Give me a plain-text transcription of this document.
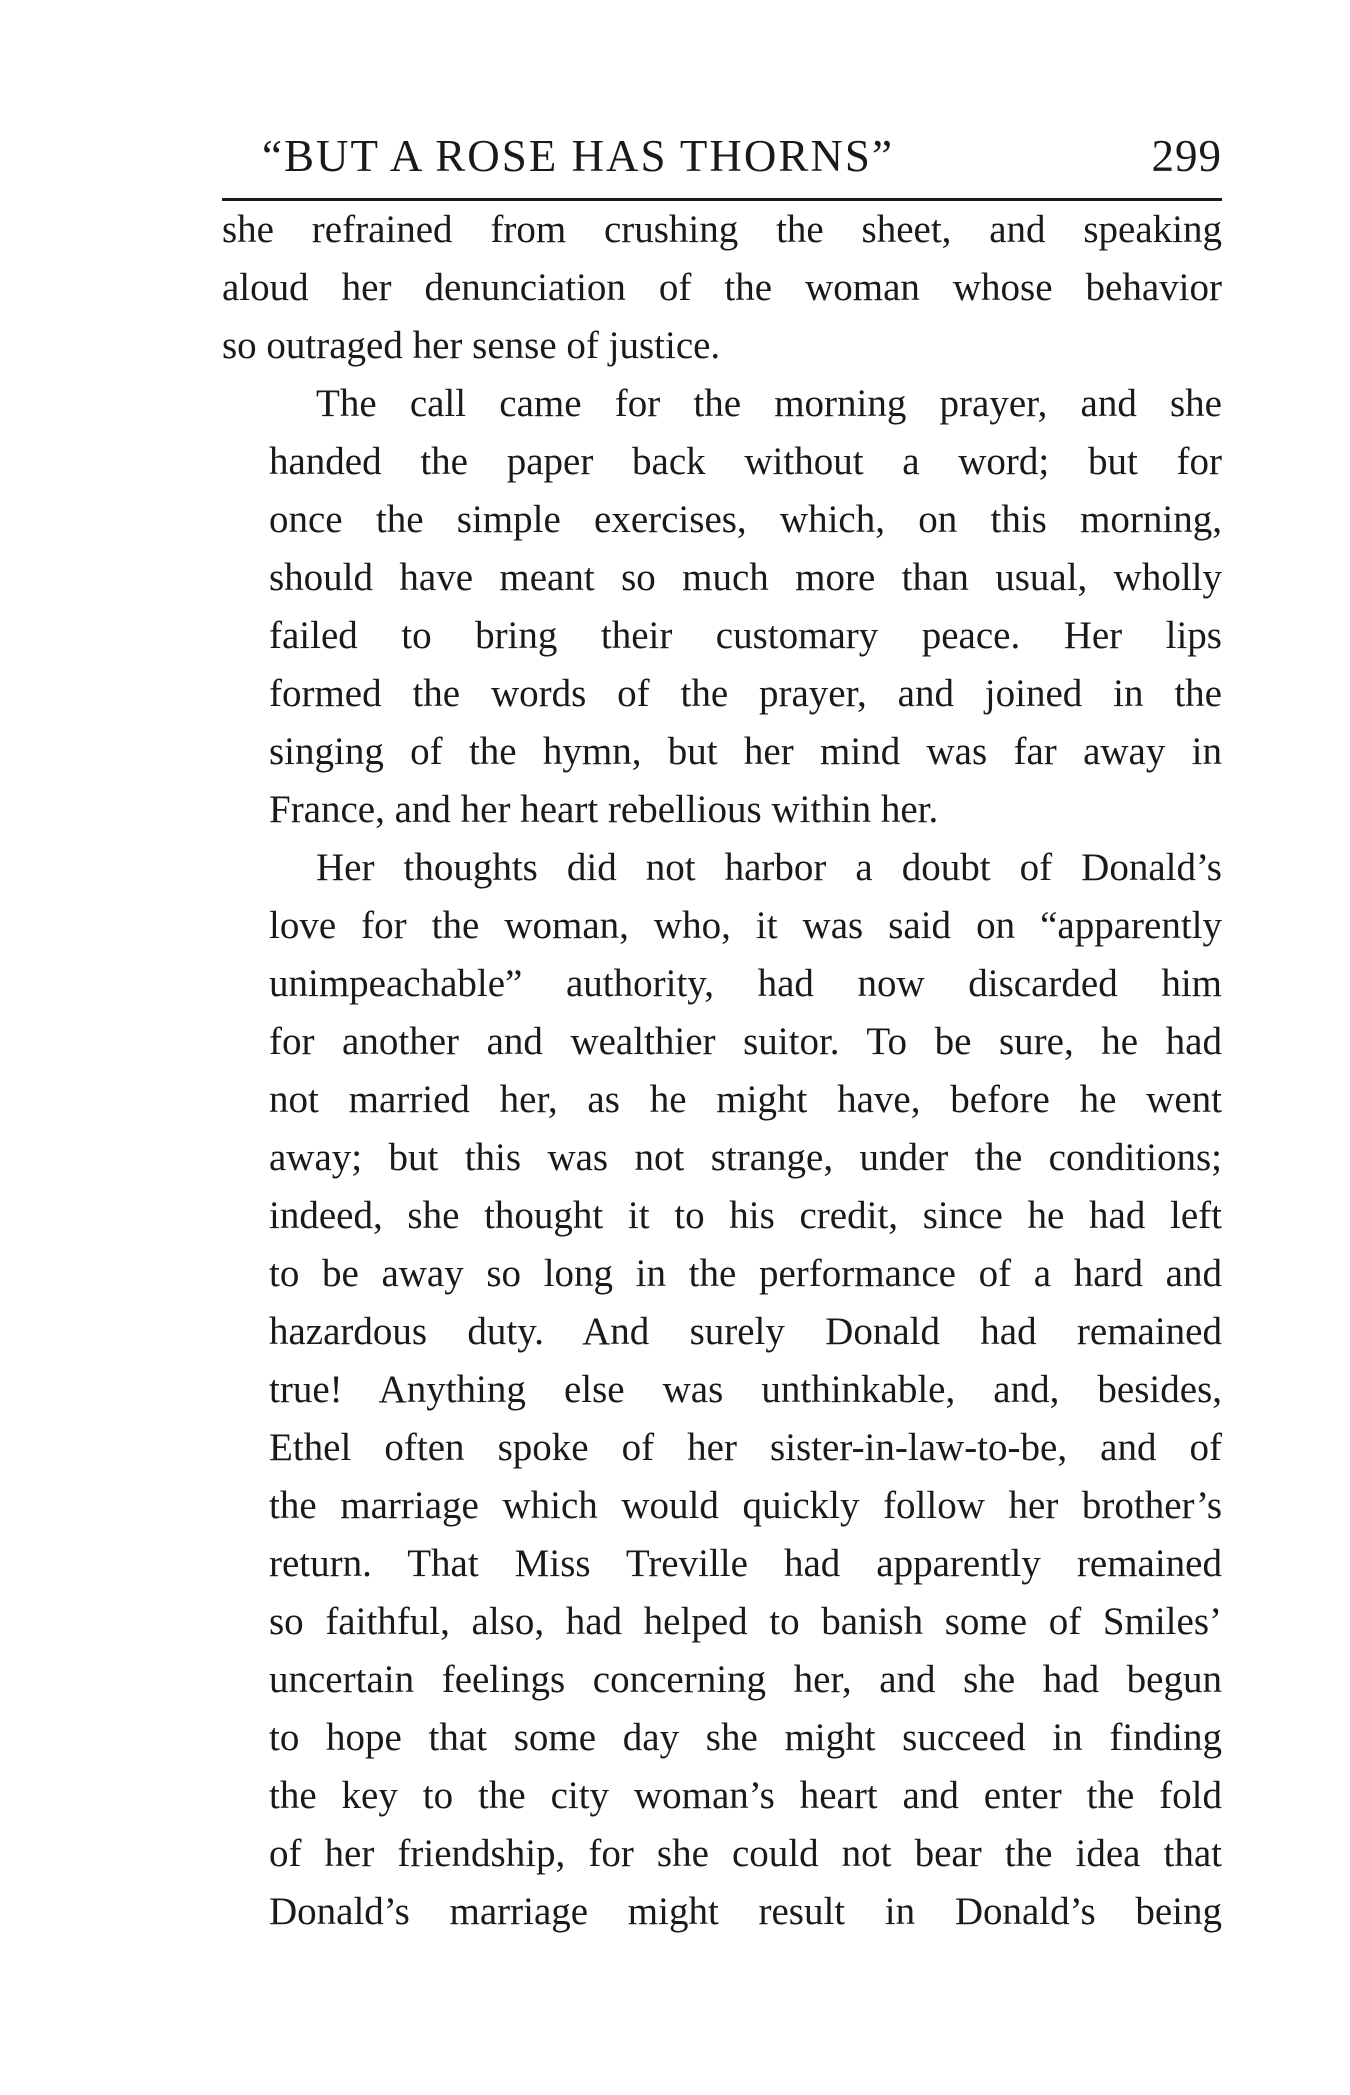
“BUT A ROSE HAS THORNS”	299
she refrained from crushing the sheet, and speaking
aloud her denunciation of the woman whose behavior
so outraged her sense of justice.
The call came for the morning prayer, and she
handed the paper back without a word; but for
once the simple exercises, which, on this morning,
should have meant so much more than usual, wholly
failed to bring their customary peace. Her lips
formed the words of the prayer, and joined in the
singing of the hymn, but her mind was far away in
France, and her heart rebellious within her.
Her thoughts did not harbor a doubt of Donald’s
love for the woman, who, it was said on “apparently
unimpeachable” authority, had now discarded him
for another and wealthier suitor. To be sure, he had
not married her, as he might have, before he went
away; but this was not strange, under the conditions;
indeed, she thought it to his credit, since he had left
to be away so long in the performance of a hard and
hazardous duty. And surely Donald had remained
true! Anything else was unthinkable, and, besides,
Ethel often spoke of her sister-in-law-to-be, and of
the marriage which would quickly follow her brother’s
return. That Miss Treville had apparently remained
so faithful, also, had helped to banish some of Smiles’
uncertain feelings concerning her, and she had begun
to hope that some day she might succeed in finding
the key to the city woman’s heart and enter the fold
of her friendship, for she could not bear the idea that
Donald’s marriage might result in Donald’s being
